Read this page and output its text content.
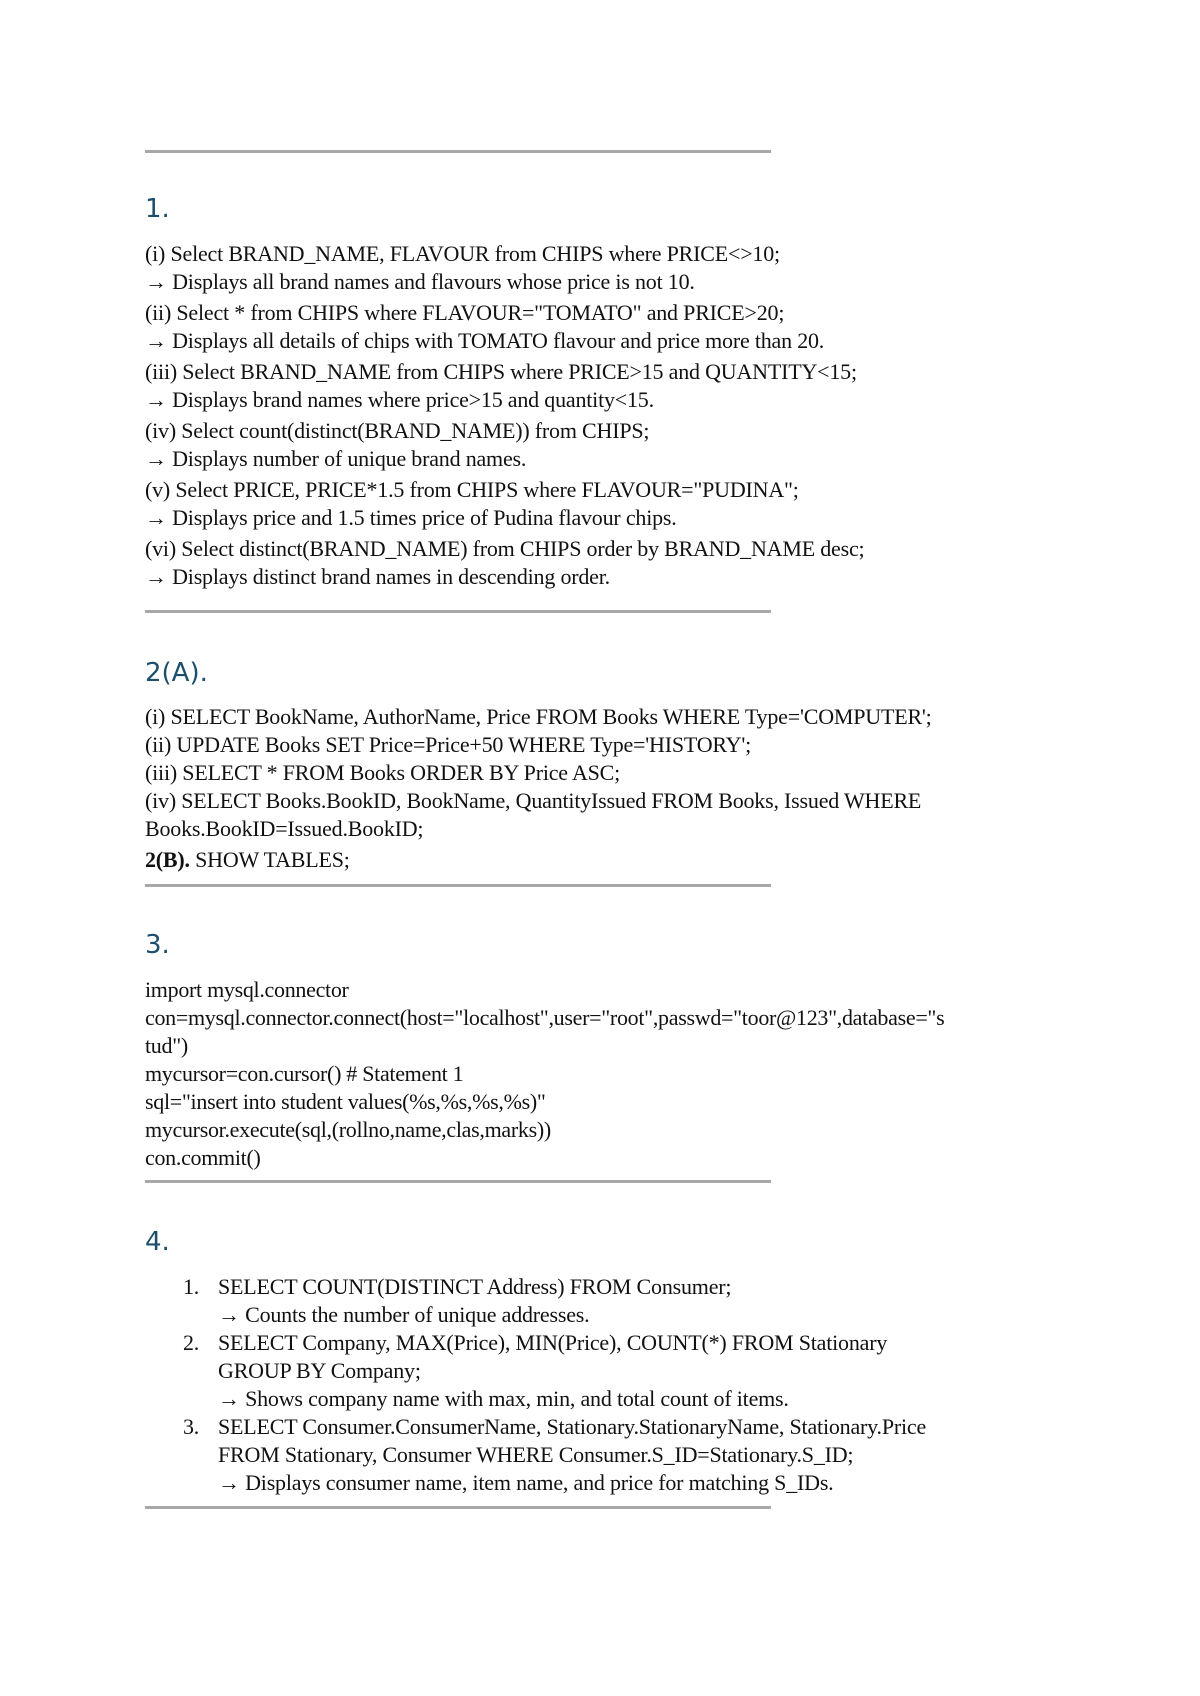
1.
(i) Select BRAND_NAME, FLAVOUR from CHIPS where PRICE<>10;
→ Displays all brand names and flavours whose price is not 10.
(ii) Select * from CHIPS where FLAVOUR="TOMATO" and PRICE>20;
→ Displays all details of chips with TOMATO flavour and price more than 20.
(iii) Select BRAND_NAME from CHIPS where PRICE>15 and QUANTITY<15;
→ Displays brand names where price>15 and quantity<15.
(iv) Select count(distinct(BRAND_NAME)) from CHIPS;
→ Displays number of unique brand names.
(v) Select PRICE, PRICE*1.5 from CHIPS where FLAVOUR="PUDINA";
→ Displays price and 1.5 times price of Pudina flavour chips.
(vi) Select distinct(BRAND_NAME) from CHIPS order by BRAND_NAME desc;
→ Displays distinct brand names in descending order.
2(A).
(i) SELECT BookName, AuthorName, Price FROM Books WHERE Type='COMPUTER';
(ii) UPDATE Books SET Price=Price+50 WHERE Type='HISTORY';
(iii) SELECT * FROM Books ORDER BY Price ASC;
(iv) SELECT Books.BookID, BookName, QuantityIssued FROM Books, Issued WHERE
Books.BookID=Issued.BookID;
2(B). SHOW TABLES;
3.
import mysql.connector
con=mysql.connector.connect(host="localhost",user="root",passwd="toor@123",database="s
tud")
mycursor=con.cursor() # Statement 1
sql="insert into student values(%s,%s,%s,%s)"
mycursor.execute(sql,(rollno,name,clas,marks))
con.commit()
4.
1. SELECT COUNT(DISTINCT Address) FROM Consumer;
→ Counts the number of unique addresses.
2. SELECT Company, MAX(Price), MIN(Price), COUNT(*) FROM Stationary
GROUP BY Company;
→ Shows company name with max, min, and total count of items.
3. SELECT Consumer.ConsumerName, Stationary.StationaryName, Stationary.Price
FROM Stationary, Consumer WHERE Consumer.S_ID=Stationary.S_ID;
→ Displays consumer name, item name, and price for matching S_IDs.
